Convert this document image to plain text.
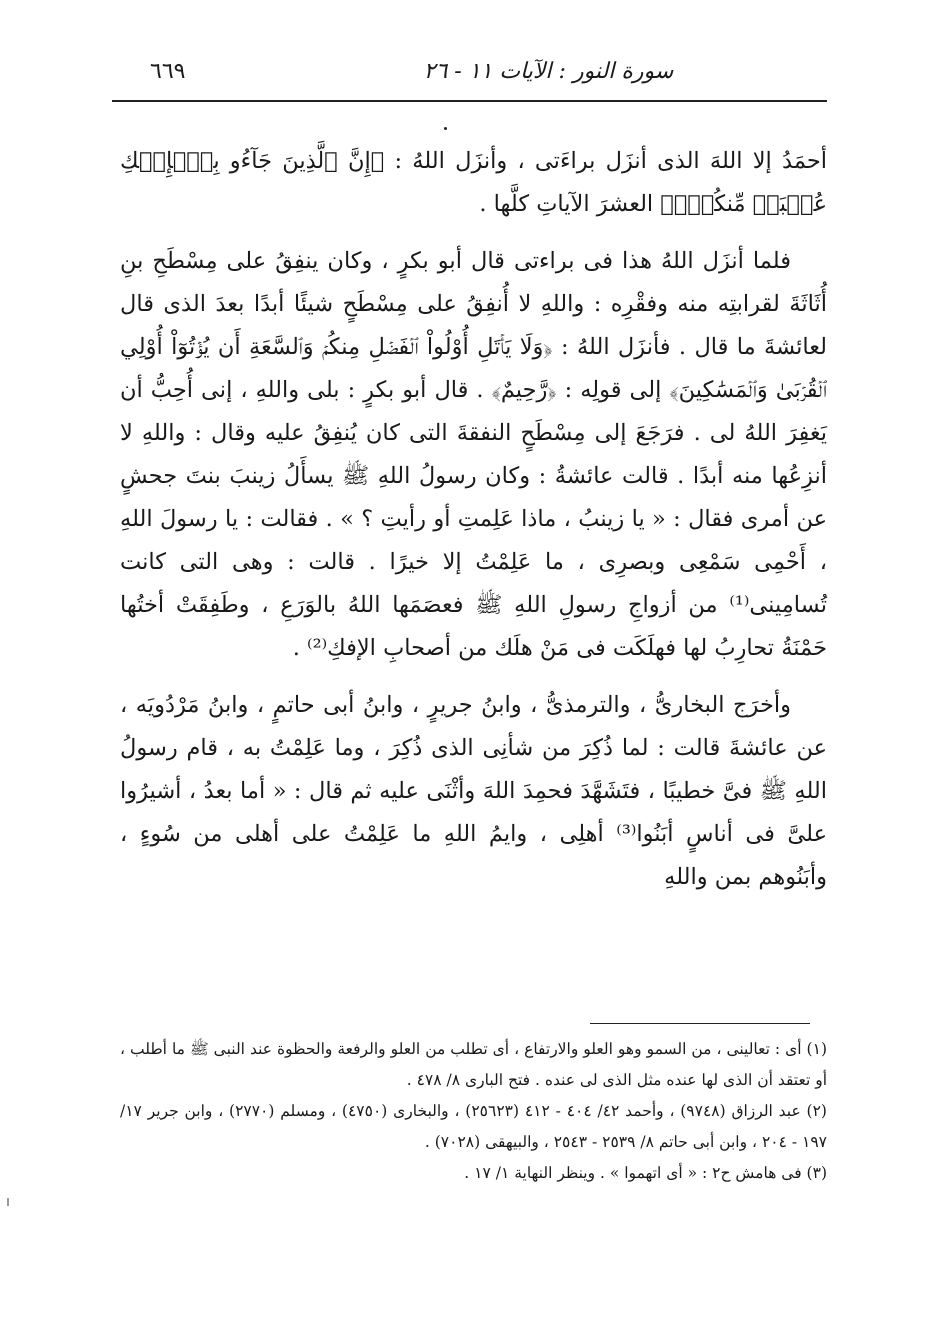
سورة النور : الآيات ١١ - ٢٦
٦٦٩

أحمَدُ إلا اللهَ الذى أنزَل براءَتى ، وأنزَل اللهُ : ﴿إِنَّ ٱلَّذِينَ جَآءُو بِٱلۡإِفۡكِ عُصۡبَةٞ مِّنكُمۡۚ﴾ العشرَ الآياتِ كلَّها .

فلما أنزَل اللهُ هذا فى براءتى قال أبو بكرٍ ، وكان ينفِقُ على مِسْطَحِ بنِ أُثَاثَةَ لقرابتِه منه وفقْرِه : واللهِ لا أُنفِقُ على مِسْطَحٍ شيئًا أبدًا بعدَ الذى قال لعائشةَ ما قال . فأنزَل اللهُ : ﴿وَلَا يَأۡتَلِ أُوْلُواْ ٱلۡفَضۡلِ مِنكُمۡ وَٱلسَّعَةِ أَن يُؤۡتُوٓاْ أُوْلِي ٱلۡقُرۡبَىٰ وَٱلۡمَسَٰكِينَ﴾ إلى قولِه : ﴿رَّحِيمٌ﴾ . قال أبو بكرٍ : بلى واللهِ ، إنى أُحِبُّ أن يَغفِرَ اللهُ لى . فرَجَعَ إلى مِسْطَحٍ النفقةَ التى كان يُنفِقُ عليه وقال : واللهِ لا أنزِعُها منه أبدًا . قالت عائشةُ : وكان رسولُ اللهِ ﷺ يسأَلُ زينبَ بنتَ جحشٍ عن أمرى فقال : « يا زينبُ ، ماذا عَلِمتِ أو رأيتِ ؟ » . فقالت : يا رسولَ اللهِ ، أَحْمِى سَمْعِى وبصرِى ، ما عَلِمْتُ إلا خيرًا . قالت : وهى التى كانت تُسامِينى⁽¹⁾ من أزواجِ رسولِ اللهِ ﷺ فعصَمَها اللهُ بالوَرَعِ ، وطَفِقَتْ أختُها حَمْنَةُ تحارِبُ لها فهلَكَت فى مَنْ هلَك من أصحابِ الإفكِ⁽²⁾ .

وأخرَج البخارىُّ ، والترمذىُّ ، وابنُ جريرٍ ، وابنُ أبى حاتمٍ ، وابنُ مَرْدُويَه ، عن عائشةَ قالت : لما ذُكِرَ من شأنِى الذى ذُكِرَ ، وما عَلِمْتُ به ، قام رسولُ اللهِ ﷺ فىَّ خطيبًا ، فتَشَهَّدَ فحمِدَ اللهَ وأثْنَى عليه ثم قال : « أما بعدُ ، أشيرُوا علىَّ فى أناسٍ أبَنُوا⁽³⁾ أهلِى ، وايمُ اللهِ ما عَلِمْتُ على أهلى من سُوءٍ ، وأبَنُوهم بمن واللهِ

(١) أى : تعالينى ، من السمو وهو العلو والارتفاع ، أى تطلب من العلو والرفعة والحظوة عند النبى ﷺ ما أطلب ، أو تعتقد أن الذى لها عنده مثل الذى لى عنده . فتح البارى ٨/ ٤٧٨ .

(٢) عبد الرزاق (٩٧٤٨) ، وأحمد ٤٢/ ٤٠٤ - ٤١٢ (٢٥٦٢٣) ، والبخارى (٤٧٥٠) ، ومسلم (٢٧٧٠) ، وابن جرير ١٧/ ١٩٧ - ٢٠٤ ، وابن أبى حاتم ٨/ ٢٥٣٩ - ٢٥٤٣ ، والبيهقى (٧٠٢٨) .

(٣) فى هامش ح٢ : « أى اتهموا » . وينظر النهاية ١/ ١٧ .
